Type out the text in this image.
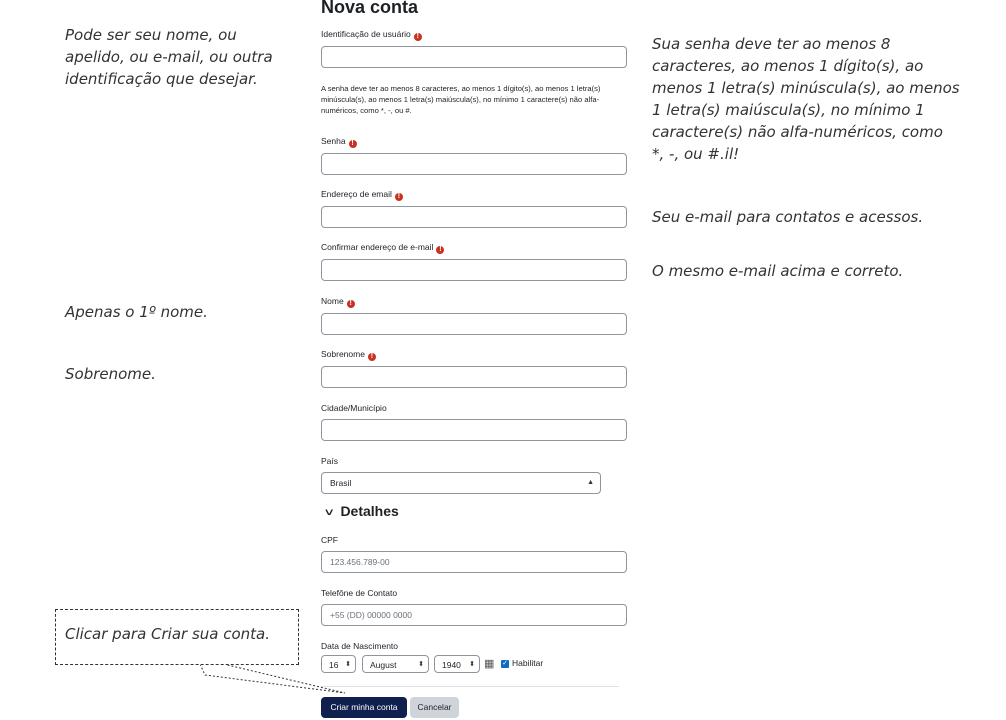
Pode ser seu nome, ou
apelido, ou e-mail, ou outra
identificação que desejar.
Sua senha deve ter ao menos 8
caracteres, ao menos 1 dígito(s), ao
menos 1 letra(s) minúscula(s), ao menos
1 letra(s) maiúscula(s), no mínimo 1
caractere(s) não alfa-numéricos, como
*, -, ou #.il!
Seu e-mail para contatos e acessos.
O mesmo e-mail acima e correto.
Apenas o 1º nome.
Sobrenome.
Nova conta
Identificação de usuário !
A senha deve ter ao menos 8 caracteres, ao menos 1 dígito(s), ao menos 1 letra(s) minúscula(s), ao menos 1 letra(s) maiúscula(s), no mínimo 1 caractere(s) não alfa-numéricos, como *, -, ou #.
Senha !
Endereço de email !
Confirmar endereço de e-mail !
Nome !
Sobrenome !
Cidade/Município
País
Brasil	▲

˅ Detalhes
CPF
123.456.789-00
Telefône de Contato
+55 (DD) 00000 0000
Data de Nascimento
16 ⬍	August	⬍	1940 ⬍ ▦ ✓ Habilitar
Criar minha conta	Cancelar
Clicar para Criar sua conta.
